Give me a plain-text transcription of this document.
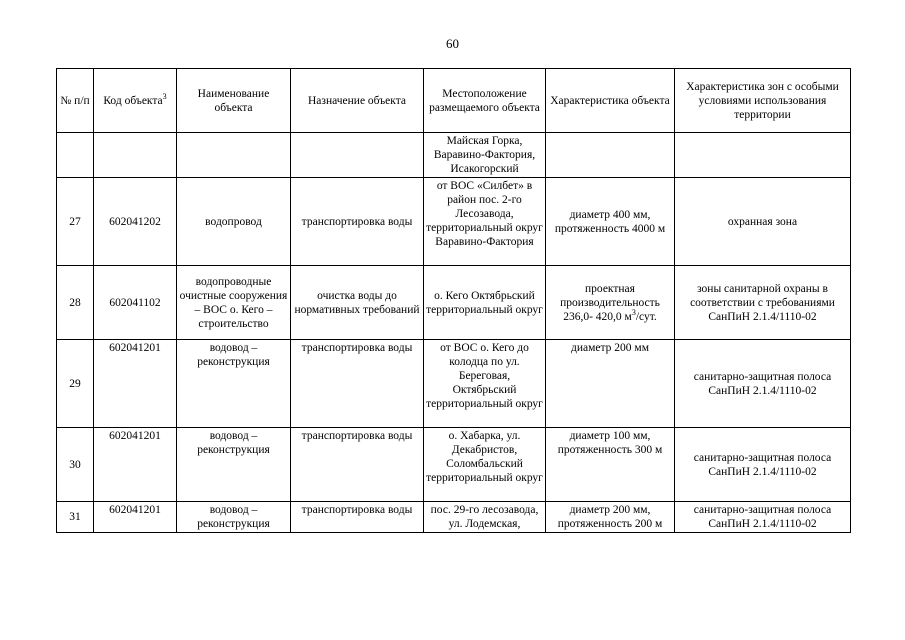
60
№ п/п	Код объекта$^3$	Наименование объекта	Назначение объекта	Местоположение размещаемого объекта	Характеристика объекта	Характеристика зон с особыми условиями использования территории
				Майская Горка, Варавино-Фактория, Исакогорский		
27	602041202	водопровод	транспортировка воды	от ВОС «Силбет» в район пос. 2-го Лесозавода, территориальный округ Варавино-Фактория	диаметр 400 мм, протяженность 4000 м	охранная зона
28	602041102	водопроводные очистные сооружения – ВОС о. Кего – строительство	очистка воды до нормативных требований	о. Кего Октябрьский территориальный округ	проектная производительность 236,0- 420,0 $м^3$/сут.	зоны санитарной охраны в соответствии с требованиями СанПиН 2.1.4/1110-02
29	602041201	водовод – реконструкция	транспортировка воды	от ВОС о. Кего до колодца по ул. Береговая, Октябрьский территориальный округ	диаметр 200 мм	санитарно-защитная полоса СанПиН 2.1.4/1110-02
30	602041201	водовод – реконструкция	транспортировка воды	о. Хабарка, ул. Декабристов, Соломбальский территориальный округ	диаметр 100 мм, протяженность 300 м	санитарно-защитная полоса СанПиН 2.1.4/1110-02
31	602041201	водовод – реконструкция	транспортировка воды	пос. 29-го лесозавода, ул. Лодемская,	диаметр 200 мм, протяженность 200 м	санитарно-защитная полоса СанПиН 2.1.4/1110-02
